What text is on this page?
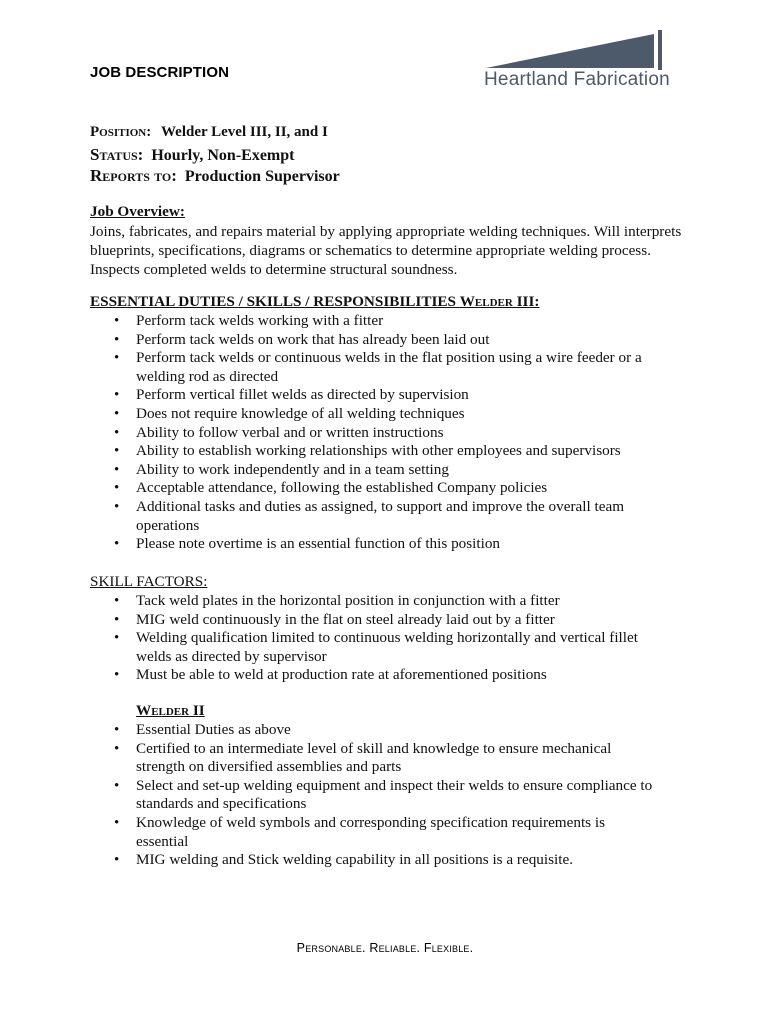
JOB DESCRIPTION	Heartland Fabrication
Position: Welder Level III, II, and I
Status: Hourly, Non-Exempt
Reports to: Production Supervisor
Job Overview:
Joins, fabricates, and repairs material by applying appropriate welding techniques. Will interprets
blueprints, specifications, diagrams or schematics to determine appropriate welding process.
Inspects completed welds to determine structural soundness.
ESSENTIAL DUTIES / SKILLS / RESPONSIBILITIES Welder III:
• Perform tack welds working with a fitter
• Perform tack welds on work that has already been laid out
• Perform tack welds or continuous welds in the flat position using a wire feeder or a welding rod as directed
• Perform vertical fillet welds as directed by supervision
• Does not require knowledge of all welding techniques
• Ability to follow verbal and or written instructions
• Ability to establish working relationships with other employees and supervisors
• Ability to work independently and in a team setting
• Acceptable attendance, following the established Company policies
• Additional tasks and duties as assigned, to support and improve the overall team operations
• Please note overtime is an essential function of this position
SKILL FACTORS:
• Tack weld plates in the horizontal position in conjunction with a fitter
• MIG weld continuously in the flat on steel already laid out by a fitter
• Welding qualification limited to continuous welding horizontally and vertical fillet welds as directed by supervisor
• Must be able to weld at production rate at aforementioned positions
Welder II
• Essential Duties as above
• Certified to an intermediate level of skill and knowledge to ensure mechanical strength on diversified assemblies and parts
• Select and set-up welding equipment and inspect their welds to ensure compliance to standards and specifications
• Knowledge of weld symbols and corresponding specification requirements is essential
• MIG welding and Stick welding capability in all positions is a requisite.
Personable. Reliable. Flexible.
